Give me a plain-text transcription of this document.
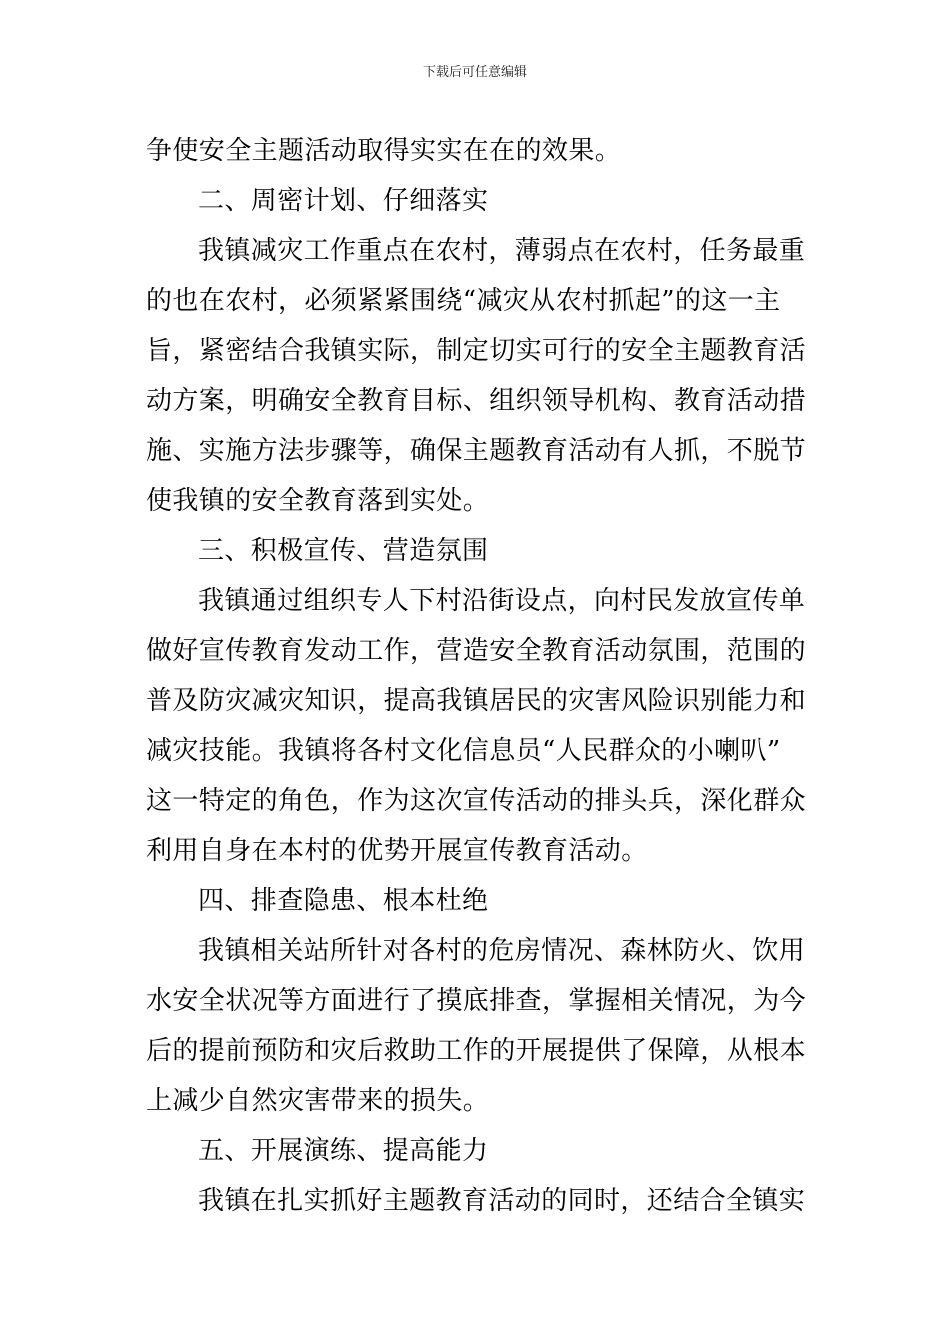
下载后可任意编辑
争使安全主题活动取得实实在在的效果。
二、周密计划、仔细落实
我镇减灾工作重点在农村，薄弱点在农村，任务最重
的也在农村，必须紧紧围绕“减灾从农村抓起”的这一主
旨，紧密结合我镇实际，制定切实可行的安全主题教育活
动方案，明确安全教育目标、组织领导机构、教育活动措
施、实施方法步骤等，确保主题教育活动有人抓，不脱节
使我镇的安全教育落到实处。
三、积极宣传、营造氛围
我镇通过组织专人下村沿街设点，向村民发放宣传单
做好宣传教育发动工作，营造安全教育活动氛围，范围的
普及防灾减灾知识，提高我镇居民的灾害风险识别能力和
减灾技能。我镇将各村文化信息员“人民群众的小喇叭”
这一特定的角色，作为这次宣传活动的排头兵，深化群众
利用自身在本村的优势开展宣传教育活动。
四、排查隐患、根本杜绝
我镇相关站所针对各村的危房情况、森林防火、饮用
水安全状况等方面进行了摸底排查，掌握相关情况，为今
后的提前预防和灾后救助工作的开展提供了保障，从根本
上减少自然灾害带来的损失。
五、开展演练、提高能力
我镇在扎实抓好主题教育活动的同时，还结合全镇实
